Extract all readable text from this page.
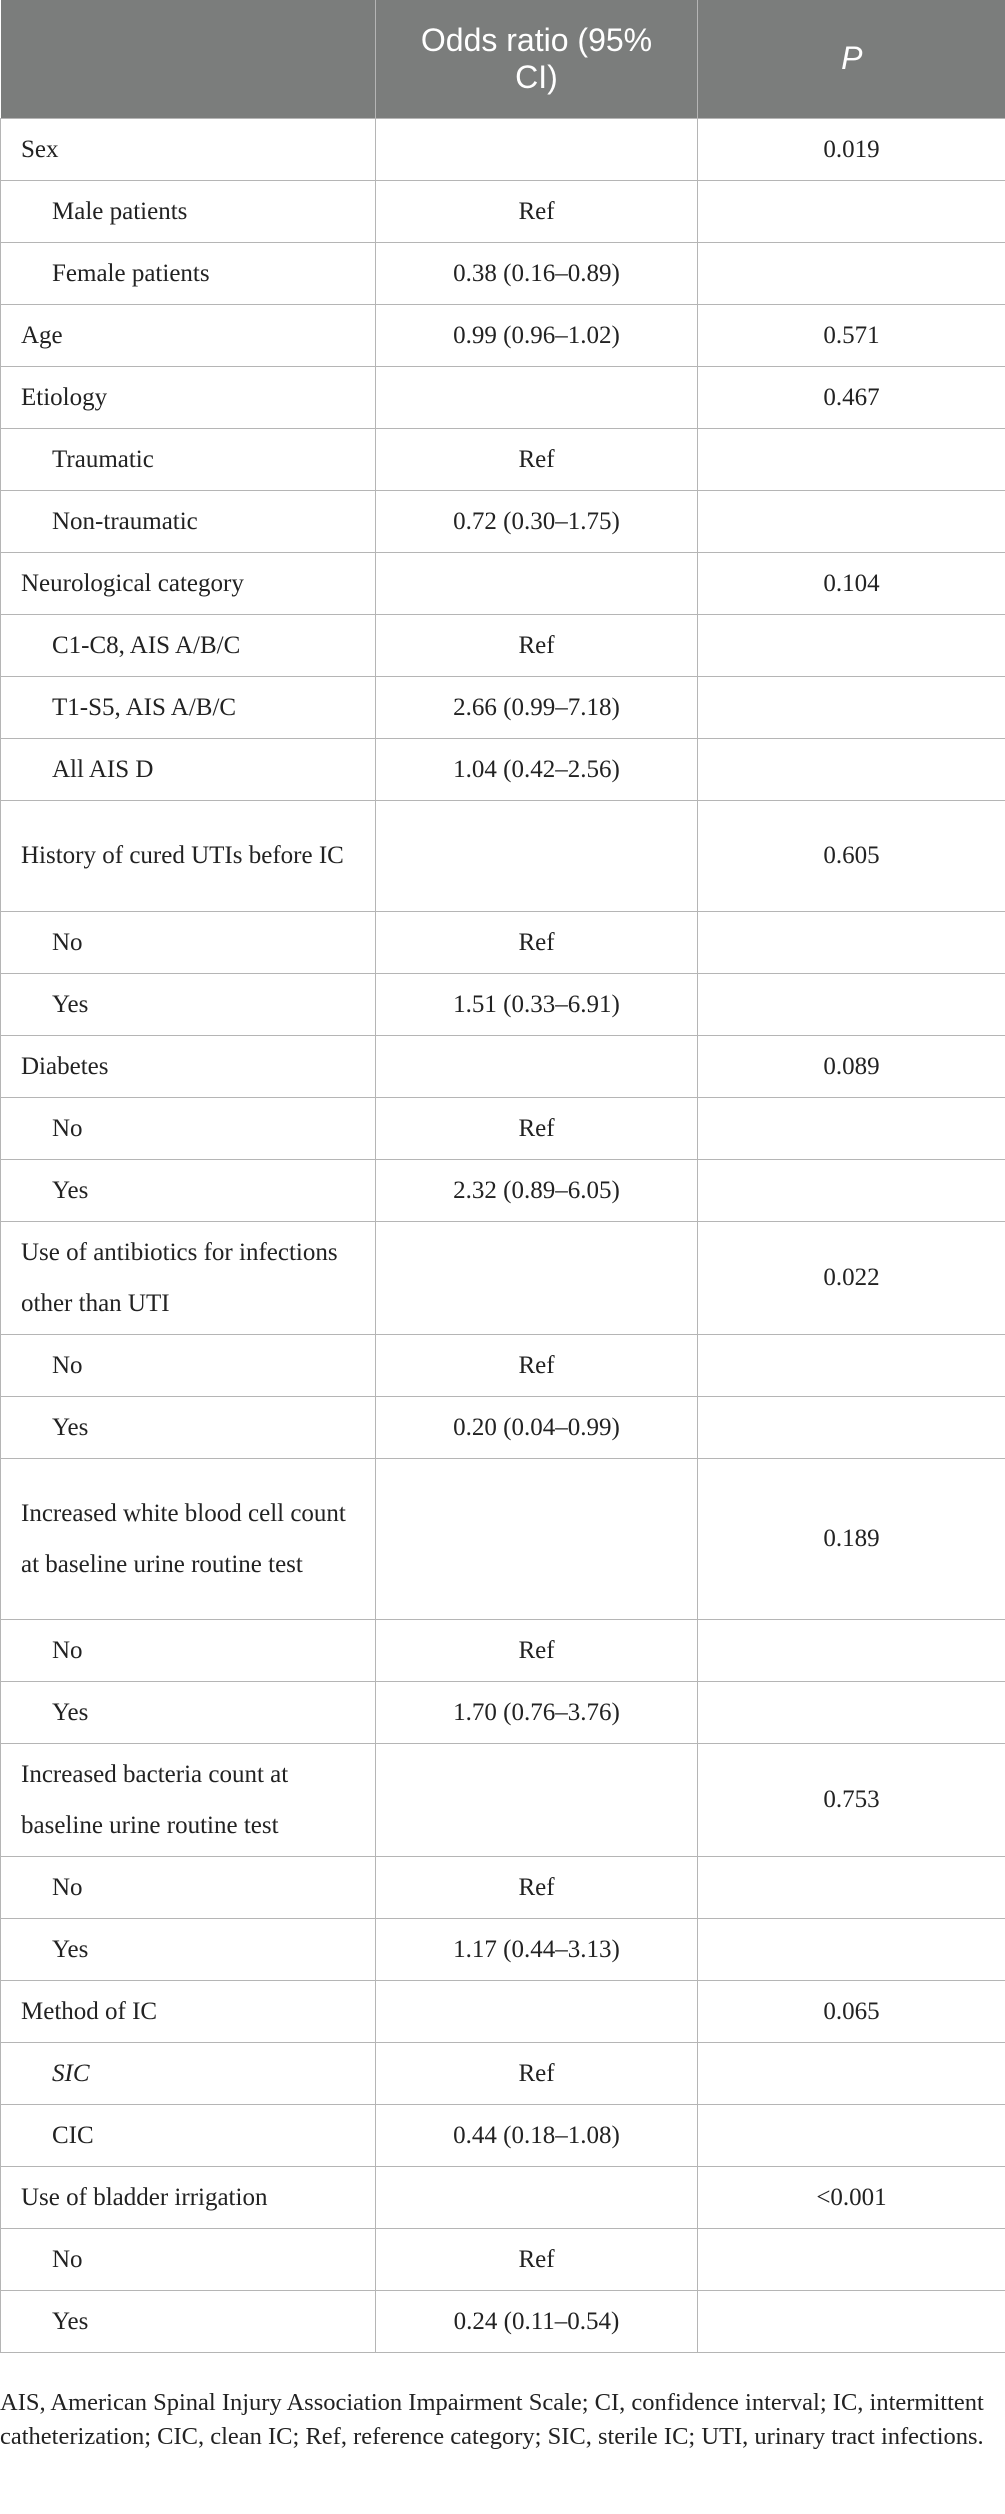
	Odds ratio (95% CI)	P
Sex		0.019
Male patients	Ref	
Female patients	0.38 (0.16–0.89)	
Age	0.99 (0.96–1.02)	0.571
Etiology		0.467
Traumatic	Ref	
Non-traumatic	0.72 (0.30–1.75)	
Neurological category		0.104
C1-C8, AIS A/B/C	Ref	
T1-S5, AIS A/B/C	2.66 (0.99–7.18)	
All AIS D	1.04 (0.42–2.56)	
History of cured UTIs before IC		0.605
No	Ref	
Yes	1.51 (0.33–6.91)	
Diabetes		0.089
No	Ref	
Yes	2.32 (0.89–6.05)	
Use of antibiotics for infections other than UTI		0.022
No	Ref	
Yes	0.20 (0.04–0.99)	
Increased white blood cell count at baseline urine routine test		0.189
No	Ref	
Yes	1.70 (0.76–3.76)	
Increased bacteria count at baseline urine routine test		0.753
No	Ref	
Yes	1.17 (0.44–3.13)	
Method of IC		0.065
SIC	Ref	
CIC	0.44 (0.18–1.08)	
Use of bladder irrigation		<0.001
No	Ref	
Yes	0.24 (0.11–0.54)	
AIS, American Spinal Injury Association Impairment Scale; CI, confidence interval; IC, intermittent catheterization; CIC, clean IC; Ref, reference category; SIC, sterile IC; UTI, urinary tract infections.
